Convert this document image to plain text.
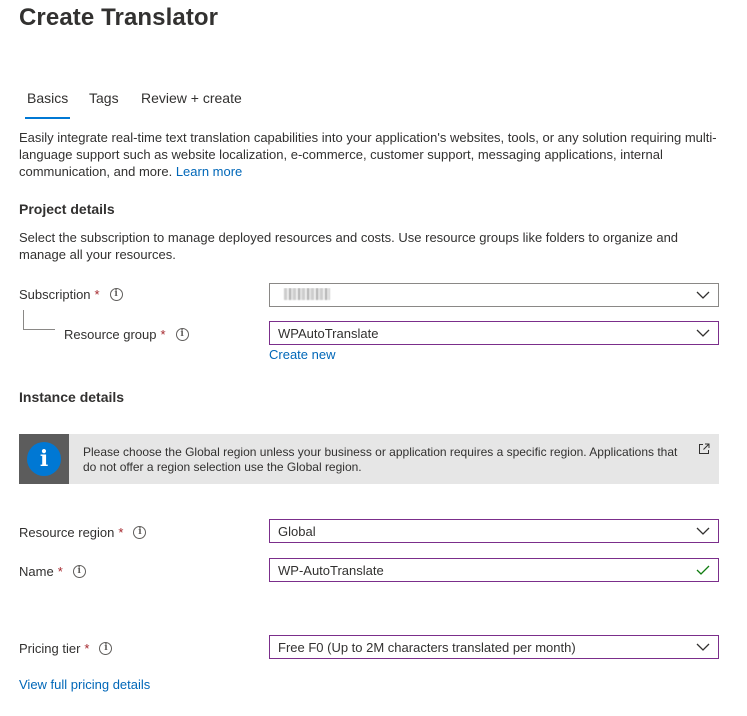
Create Translator
Basics Tags Review + create
Easily integrate real-time text translation capabilities into your application's websites, tools, or any solution requiring multi-language support such as website localization, e-commerce, customer support, messaging applications, internal communication, and more. Learn more
Project details
Select the subscription to manage deployed resources and costs. Use resource groups like folders to organize and manage all your resources.
Subscription *	i
Resource group *	i	WPAutoTranslate
Create new
Instance details
i	Please choose the Global region unless your business or application requires a specific region. Applications that do not offer a region selection use the Global region.
Resource region *	i	Global
Name *	i	WP-AutoTranslate
Pricing tier *	i	Free F0 (Up to 2M characters translated per month)
View full pricing details
